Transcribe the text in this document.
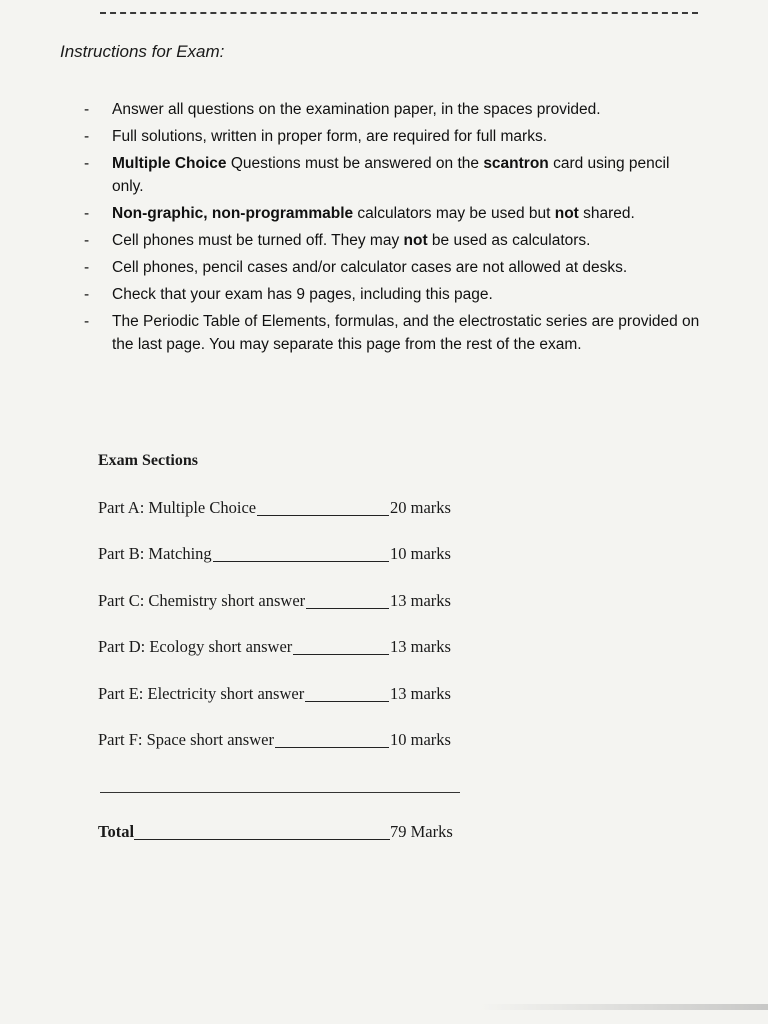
Instructions for Exam:
- Answer all questions on the examination paper, in the spaces provided.
- Full solutions, written in proper form, are required for full marks.
- Multiple Choice Questions must be answered on the scantron card using pencil only.
- Non-graphic, non-programmable calculators may be used but not shared.
- Cell phones must be turned off. They may not be used as calculators.
- Cell phones, pencil cases and/or calculator cases are not allowed at desks.
- Check that your exam has 9 pages, including this page.
- The Periodic Table of Elements, formulas, and the electrostatic series are provided on the last page. You may separate this page from the rest of the exam.
Exam Sections
Part A: Multiple Choice	20 marks
Part B: Matching	10 marks
Part C: Chemistry short answer	13 marks
Part D: Ecology short answer	13 marks
Part E: Electricity short answer	13 marks
Part F: Space short answer	10 marks
Total	79 Marks
